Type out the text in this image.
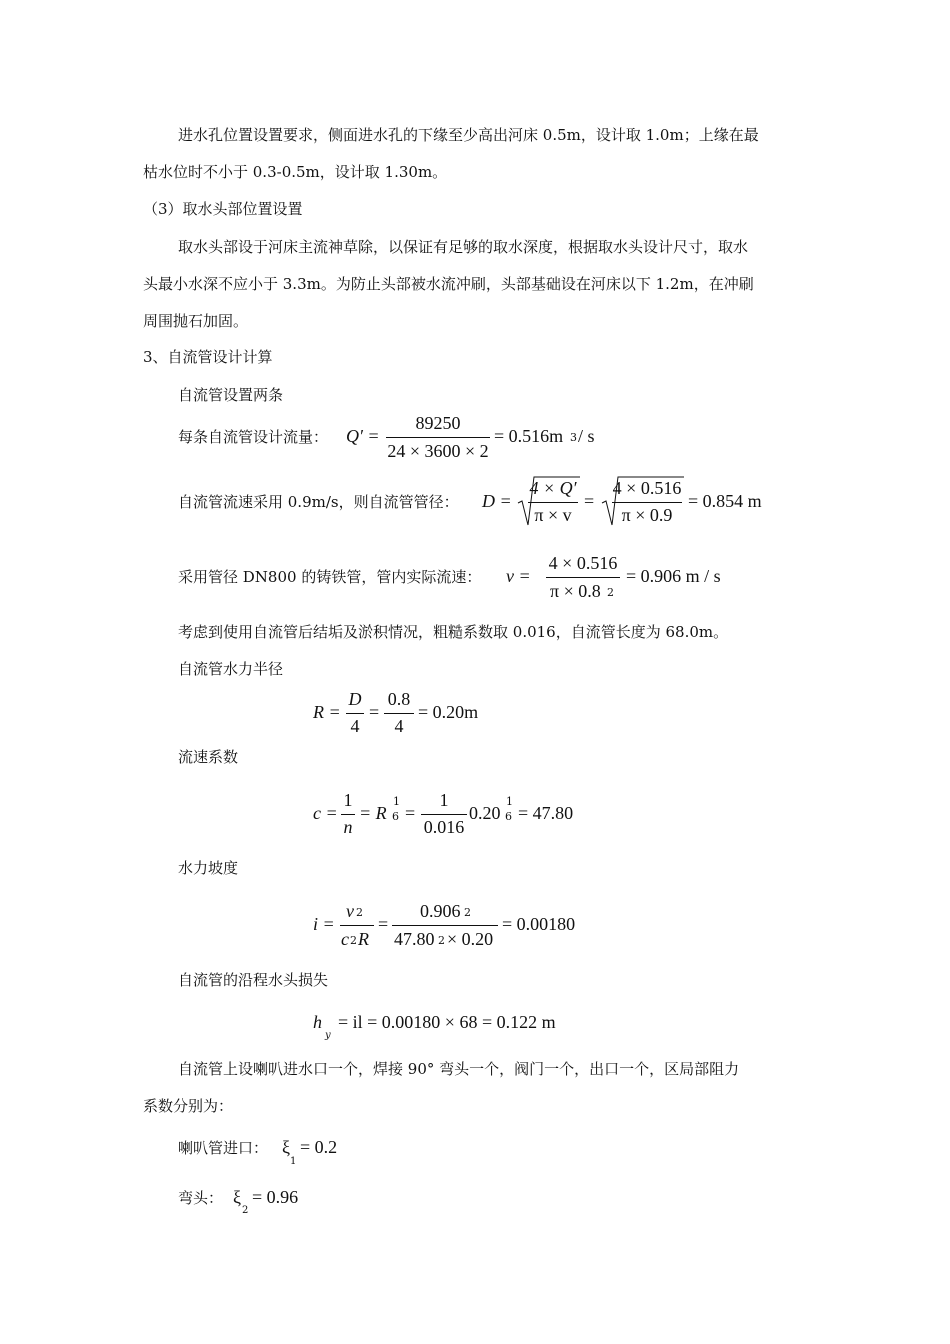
进水孔位置设置要求，侧面进水孔的下缘至少高出河床 0.5m，设计取 1.0m；上缘在最
枯水位时不小于 0.3-0.5m，设计取 1.30m。
（3）取水头部位置设置
取水头部设于河床主流神草除，以保证有足够的取水深度，根据取水头设计尺寸，取水
头最小水深不应小于 3.3m。为防止头部被水流冲刷，头部基础设在河床以下 1.2m，在冲刷
周围抛石加固。
3、自流管设计计算
自流管设置两条
每条自流管设计流量： Q′ =
89250
24 × 3600 × 2
= 0.516m 3 / s
自流管流速采用 0.9m/s，则自流管管径： D =
4 × Q′
π × v
=
4 × 0.516
π × 0.9
= 0.854 m
采用管径 DN800 的铸铁管，管内实际流速： v =
4 × 0.516
π × 0.8 2
= 0.906 m / s
考虑到使用自流管后结垢及淤积情况，粗糙系数取 0.016，自流管长度为 68.0m。
自流管水力半径
R =
D
4
=
0.8
4
= 0.20m
流速系数
c =
1
n
= R
1
6 =
1
0.016
0.20
1
6 = 47.80
水力坡度
i =
v 2
c 2 R
=
0.906 2
47.80 2 × 0.20
= 0.00180
自流管的沿程水头损失
h
y
= il = 0.00180 × 68 = 0.122 m
自流管上设喇叭进水口一个，焊接 90° 弯头一个，阀门一个，出口一个，区局部阻力
系数分别为：
喇叭管进口： ξ
1
= 0.2
弯头： ξ
2
= 0.96
